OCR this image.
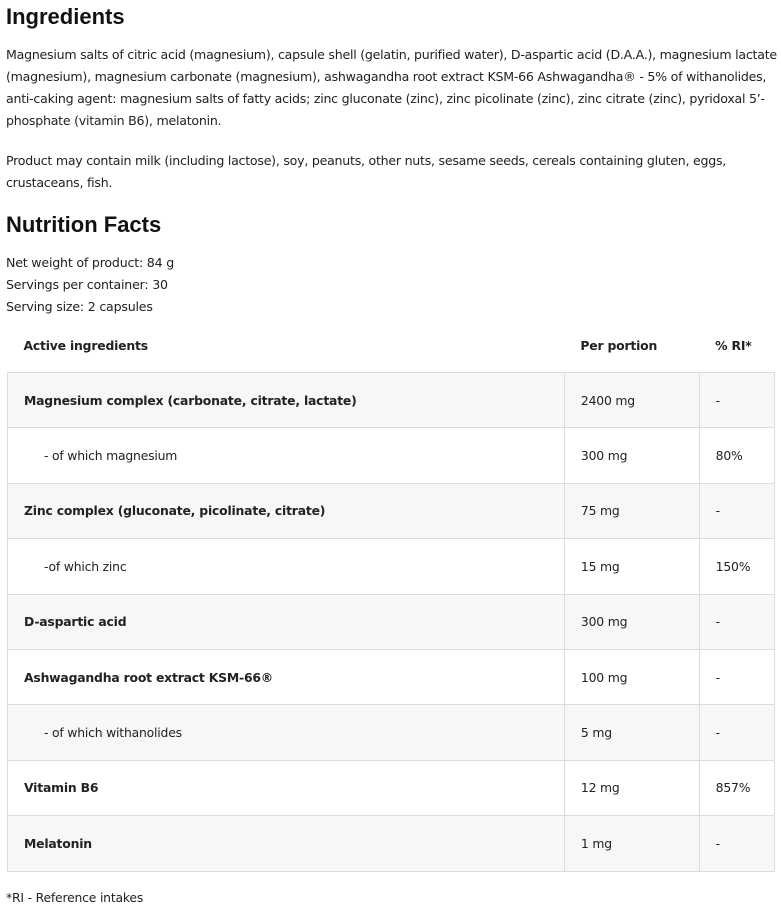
Ingredients

Magnesium salts of citric acid (magnesium), capsule shell (gelatin, purified water), D-aspartic acid (D.A.A.), magnesium lactate

(magnesium), magnesium carbonate (magnesium), ashwagandha root extract KSM-66 Ashwagandha® - 5% of withanolides,

anti-caking agent: magnesium salts of fatty acids; zinc gluconate (zinc), zinc picolinate (zinc), zinc citrate (zinc), pyridoxal 5’-

phosphate (vitamin B6), melatonin.

Product may contain milk (including lactose), soy, peanuts, other nuts, sesame seeds, cereals containing gluten, eggs,

crustaceans, fish.

Nutrition Facts
Net weight of product: 84 g
Servings per container: 30
Serving size: 2 capsules
Active ingredients	Per portion	% RI*
Magnesium complex (carbonate, citrate, lactate)	2400 mg	-
- of which magnesium	300 mg	80%
Zinc complex (gluconate, picolinate, citrate)	75 mg	-
-of which zinc	15 mg	150%
D-aspartic acid	300 mg	-
Ashwagandha root extract KSM-66®	100 mg	-
- of which withanolides	5 mg	-
Vitamin B6	12 mg	857%
Melatonin	1 mg	-
*RI - Reference intakes
